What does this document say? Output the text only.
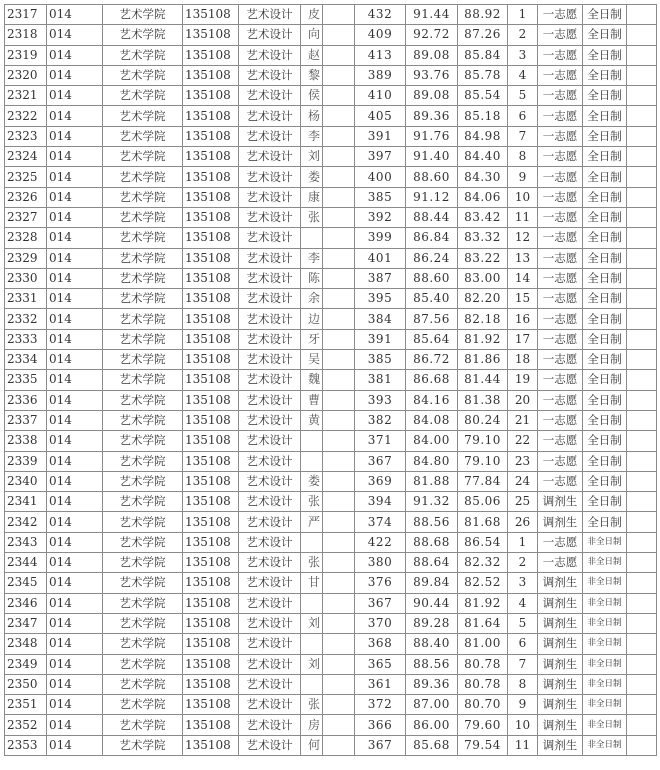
2317	014	艺术学院	135108	艺术设计	皮		432	91.44	88.92	1	一志愿	全日制	
2318	014	艺术学院	135108	艺术设计	向		409	92.72	87.26	2	一志愿	全日制	
2319	014	艺术学院	135108	艺术设计	赵		413	89.08	85.84	3	一志愿	全日制	
2320	014	艺术学院	135108	艺术设计	黎		389	93.76	85.78	4	一志愿	全日制	
2321	014	艺术学院	135108	艺术设计	侯		410	89.08	85.54	5	一志愿	全日制	
2322	014	艺术学院	135108	艺术设计	杨		405	89.36	85.18	6	一志愿	全日制	
2323	014	艺术学院	135108	艺术设计	李		391	91.76	84.98	7	一志愿	全日制	
2324	014	艺术学院	135108	艺术设计	刘		397	91.40	84.40	8	一志愿	全日制	
2325	014	艺术学院	135108	艺术设计	娄		400	88.60	84.30	9	一志愿	全日制	
2326	014	艺术学院	135108	艺术设计	康		385	91.12	84.06	10	一志愿	全日制	
2327	014	艺术学院	135108	艺术设计	张		392	88.44	83.42	11	一志愿	全日制	
2328	014	艺术学院	135108	艺术设计			399	86.84	83.32	12	一志愿	全日制	
2329	014	艺术学院	135108	艺术设计	李		401	86.24	83.22	13	一志愿	全日制	
2330	014	艺术学院	135108	艺术设计	陈		387	88.60	83.00	14	一志愿	全日制	
2331	014	艺术学院	135108	艺术设计	余		395	85.40	82.20	15	一志愿	全日制	
2332	014	艺术学院	135108	艺术设计	边		384	87.56	82.18	16	一志愿	全日制	
2333	014	艺术学院	135108	艺术设计	牙		391	85.64	81.92	17	一志愿	全日制	
2334	014	艺术学院	135108	艺术设计	吴		385	86.72	81.86	18	一志愿	全日制	
2335	014	艺术学院	135108	艺术设计	魏		381	86.68	81.44	19	一志愿	全日制	
2336	014	艺术学院	135108	艺术设计	曹		393	84.16	81.38	20	一志愿	全日制	
2337	014	艺术学院	135108	艺术设计	黄		382	84.08	80.24	21	一志愿	全日制	
2338	014	艺术学院	135108	艺术设计			371	84.00	79.10	22	一志愿	全日制	
2339	014	艺术学院	135108	艺术设计			367	84.80	79.10	23	一志愿	全日制	
2340	014	艺术学院	135108	艺术设计	娄		369	81.88	77.84	24	一志愿	全日制	
2341	014	艺术学院	135108	艺术设计	张		394	91.32	85.06	25	调剂生	全日制	
2342	014	艺术学院	135108	艺术设计	严		374	88.56	81.68	26	调剂生	全日制	
2343	014	艺术学院	135108	艺术设计			422	88.68	86.54	1	一志愿	非全日制	
2344	014	艺术学院	135108	艺术设计	张		380	88.64	82.32	2	一志愿	非全日制	
2345	014	艺术学院	135108	艺术设计	甘		376	89.84	82.52	3	调剂生	非全日制	
2346	014	艺术学院	135108	艺术设计			367	90.44	81.92	4	调剂生	非全日制	
2347	014	艺术学院	135108	艺术设计	刘		370	89.28	81.64	5	调剂生	非全日制	
2348	014	艺术学院	135108	艺术设计			368	88.40	81.00	6	调剂生	非全日制	
2349	014	艺术学院	135108	艺术设计	刘		365	88.56	80.78	7	调剂生	非全日制	
2350	014	艺术学院	135108	艺术设计			361	89.36	80.78	8	调剂生	非全日制	
2351	014	艺术学院	135108	艺术设计	张		372	87.00	80.70	9	调剂生	非全日制	
2352	014	艺术学院	135108	艺术设计	房		366	86.00	79.60	10	调剂生	非全日制	
2353	014	艺术学院	135108	艺术设计	何		367	85.68	79.54	11	调剂生	非全日制	
